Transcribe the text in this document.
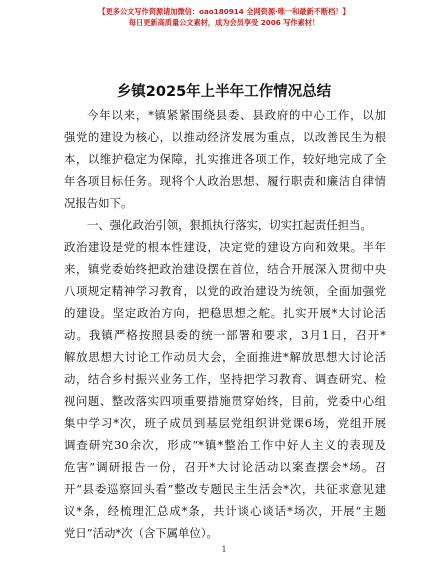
【更多公文写作资源请加微信：oao180914 全网资源·唯一和最新不断档！】
每日更新高质量公文素材，成为会员享受 2006 写作素材！
乡镇2025年上半年工作情况总结
今年以来，*镇紧紧围绕县委、县政府的中心工作，以加
强党的建设为核心，以推动经济发展为重点，以改善民生为根
本，以维护稳定为保障，扎实推进各项工作，较好地完成了全
年各项目标任务。现将个人政治思想、履行职责和廉洁自律情
况报告如下。
一、强化政治引领，狠抓执行落实，切实扛起责任担当。
政治建设是党的根本性建设，决定党的建设方向和效果。半年
来，镇党委始终把政治建设摆在首位，结合开展深入贯彻中央
八项规定精神学习教育，以党的政治建设为统领，全面加强党
的建设。坚定政治方向，把稳思想之舵。扎实开展*大讨论活
动。我镇严格按照县委的统一部署和要求，3月1日，召开*
解放思想大讨论工作动员大会，全面推进*解放思想大讨论活
动，结合乡村振兴业务工作，坚持把学习教育、调查研究、检
视问题、整改落实四项重要措施贯穿始终，目前，党委中心组
集中学习*次，班子成员到基层党组织讲党课6场，党组开展
调查研究30余次，形成“*镇*整治工作中好人主义的表现及
危害”调研报告一份，召开*大讨论活动以案查摆会*场。召
开“县委巡察回头看”整改专题民主生活会*次，共征求意见建
议*条，经梳理汇总成*条，共计谈心谈话*场次，开展“主题
党日”活动*次（含下属单位）。
1
